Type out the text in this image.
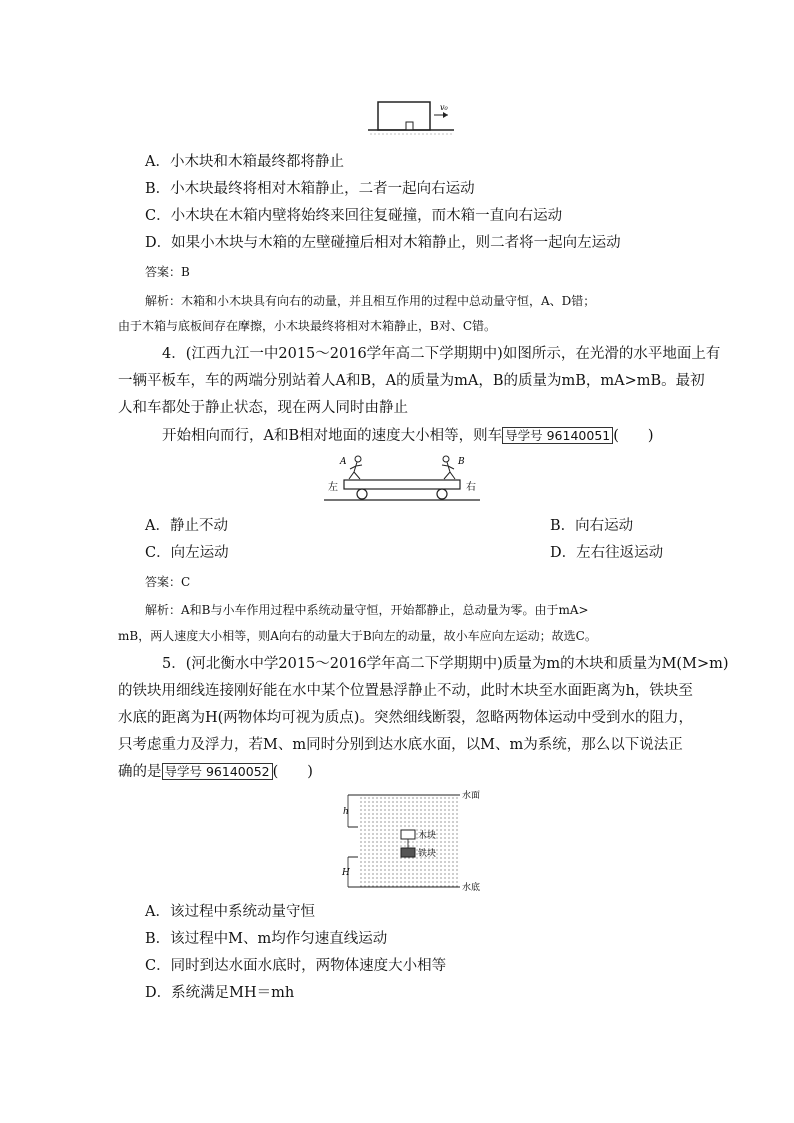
v₀
A．小木块和木箱最终都将静止
B．小木块最终将相对木箱静止，二者一起向右运动
C．小木块在木箱内壁将始终来回往复碰撞，而木箱一直向右运动
D．如果小木块与木箱的左壁碰撞后相对木箱静止，则二者将一起向左运动
答案：B
解析：木箱和小木块具有向右的动量，并且相互作用的过程中总动量守恒，A、D错；
由于木箱与底板间存在摩擦，小木块最终将相对木箱静止，B对、C错。
4．(江西九江一中2015～2016学年高二下学期期中)如图所示，在光滑的水平地面上有
一辆平板车，车的两端分别站着人A和B，A的质量为mA，B的质量为mB，mA>mB。最初
人和车都处于静止状态，现在两人同时由静止
开始相向而行，A和B相对地面的速度大小相等，则车 导学号 96140051 (　　)
A	B
左	右
A．静止不动	B．向右运动
C．向左运动	D．左右往返运动
答案：C
解析：A和B与小车作用过程中系统动量守恒，开始都静止，总动量为零。由于mA>
mB，两人速度大小相等，则A向右的动量大于B向左的动量，故小车应向左运动；故选C。
5．(河北衡水中学2015～2016学年高二下学期期中)质量为m的木块和质量为M(M>m)
的铁块用细线连接刚好能在水中某个位置悬浮静止不动，此时木块至水面距离为h，铁块至
水底的距离为H(两物体均可视为质点)。突然细线断裂，忽略两物体运动中受到水的阻力，
只考虑重力及浮力，若M、m同时分别到达水底水面，以M、m为系统，那么以下说法正
确的是 导学号 96140052 (　　)
h
H
木块
铁块
水面
水底
A．该过程中系统动量守恒
B．该过程中M、m均作匀速直线运动
C．同时到达水面水底时，两物体速度大小相等
D．系统满足MH＝mh
